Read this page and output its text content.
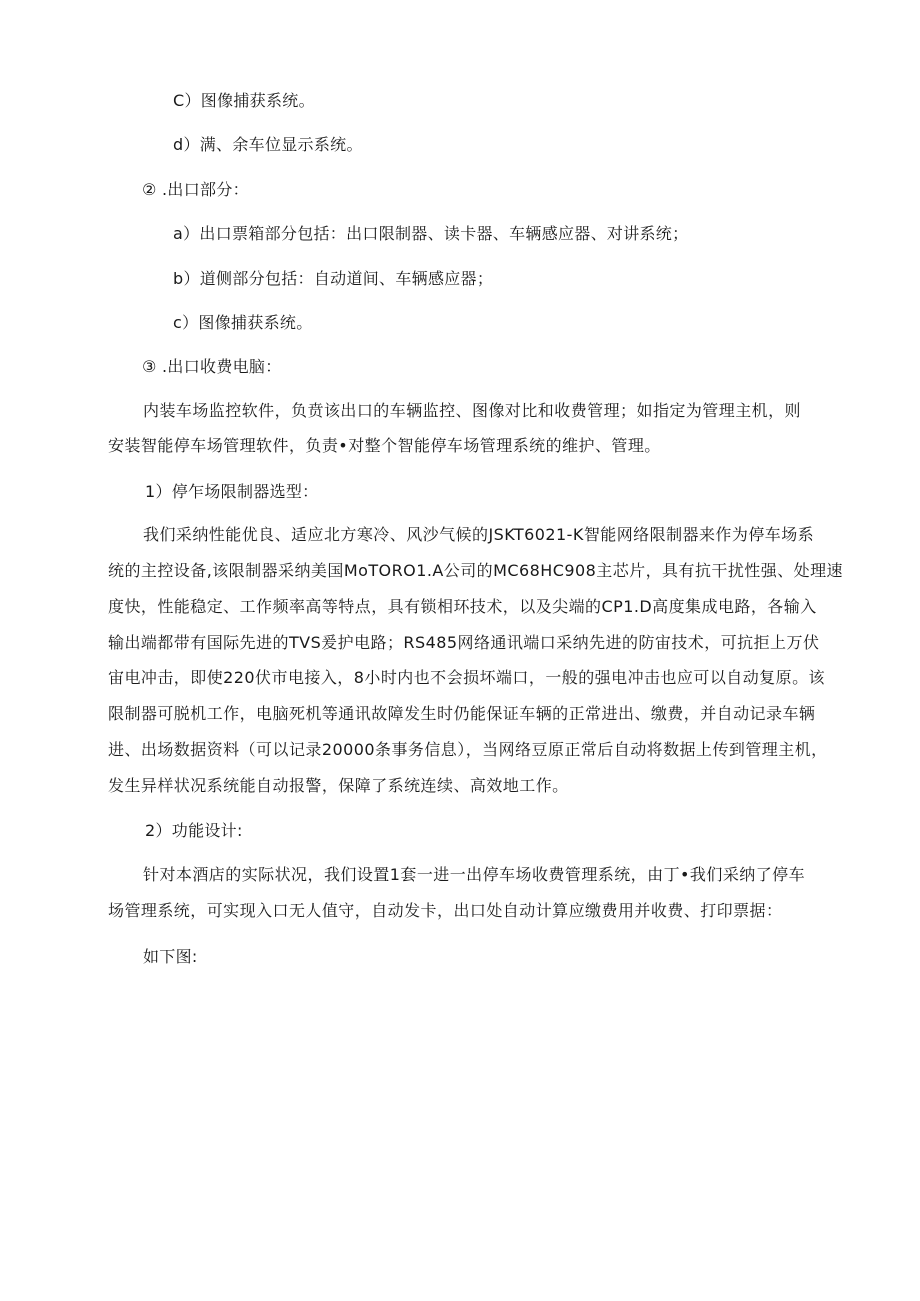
C）图像捕获系统。
d）满、余车位显示系统。
② .出口部分：
a）出口票箱部分包括：出口限制器、读卡器、车辆感应器、对讲系统；
b）道侧部分包括：自动道间、车辆感应器；
c）图像捕获系统。
③ .出口收费电脑：
内装车场监控软件，负贲该出口的车辆监控、图像对比和收费管理；如指定为管理主机，则
安装智能停车场管理软件，负责•对整个智能停车场管理系统的维护、管理。
1）停乍场限制器选型：
我们采纳性能优良、适应北方寒冷、风沙气候的JSKT6021-K智能网络限制器来作为停车场系
统的主控设备,该限制器采纳美国MoTORO1.A公司的MC68HC908主芯片，具有抗干扰性强、处理速
度快，性能稳定、工作频率高等特点，具有锁相环技术，以及尖端的CP1.D高度集成电路，各输入
输出端都带有国际先进的TVS爰护电路；RS485网络通讯端口采纳先进的防宙技术，可抗拒上万伏
宙电冲击，即使220伏市电接入，8小时内也不会损坏端口，一般的强电冲击也应可以自动复原。该
限制器可脱机工作，电脑死机等通讯故障发生时仍能保证车辆的正常进出、缴费，并自动记录车辆
进、出场数据资料（可以记录20000条事务信息），当网络豆原正常后自动将数据上传到管理主机，
发生异样状况系统能自动报警，保障了系统连续、高效地工作。
2）功能设计:
针对本酒店的实际状况，我们设置1套一进一出停车场收费管理系统，由丁•我们采纳了停车
场管理系统，可实现入口无人值守，自动发卡，出口处自动计算应缴费用并收费、打印票据：
如下图:
